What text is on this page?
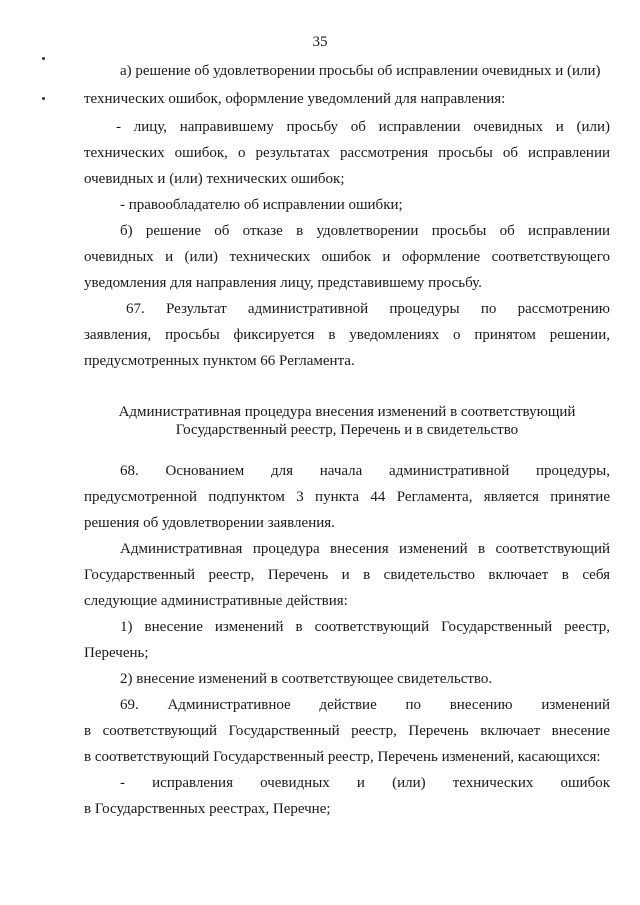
35
а) решение об удовлетворении просьбы об исправлении очевидных и (или)
технических ошибок, оформление уведомлений для направления:
- лицу, направившему просьбу об исправлении очевидных и (или)
технических ошибок, о результатах рассмотрения просьбы об исправлении
очевидных и (или) технических ошибок;
- правообладателю об исправлении ошибки;
б) решение об отказе в удовлетворении просьбы об исправлении
очевидных и (или) технических ошибок и оформление соответствующего
уведомления для направления лицу, представившему просьбу.
67. Результат административной процедуры по рассмотрению
заявления, просьбы фиксируется в уведомлениях о принятом решении,
предусмотренных пунктом 66 Регламента.
Административная процедура внесения изменений в соответствующий
Государственный реестр, Перечень и в свидетельство
68. Основанием для начала административной процедуры,
предусмотренной подпунктом 3 пункта 44 Регламента, является принятие
решения об удовлетворении заявления.
Административная процедура внесения изменений в соответствующий
Государственный реестр, Перечень и в свидетельство включает в себя
следующие административные действия:
1) внесение изменений в соответствующий Государственный реестр,
Перечень;
2) внесение изменений в соответствующее свидетельство.
69. Административное действие по внесению изменений
в соответствующий Государственный реестр, Перечень включает внесение
в соответствующий Государственный реестр, Перечень изменений, касающихся:
- исправления очевидных и (или) технических ошибок
в Государственных реестрах, Перечне;
